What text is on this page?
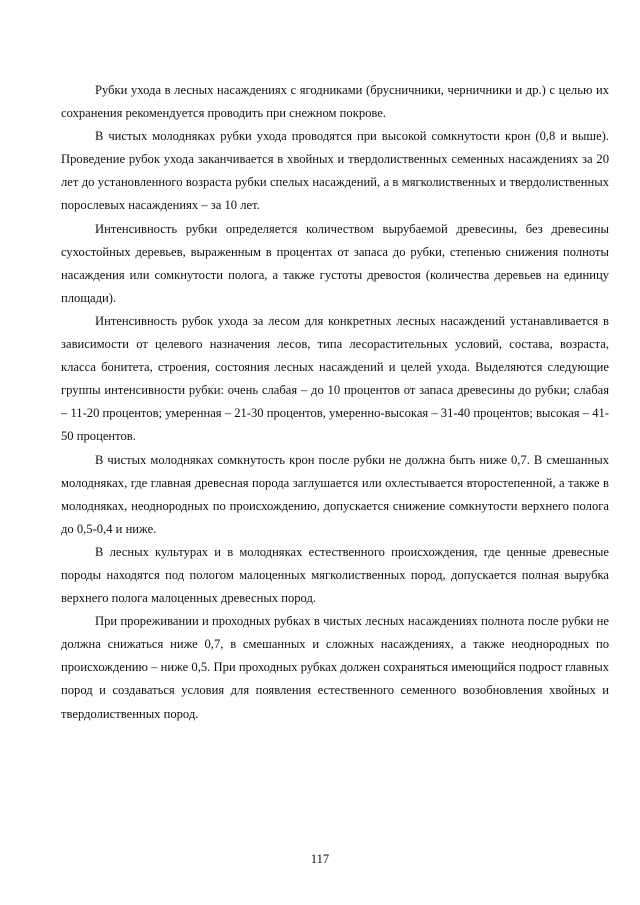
Рубки ухода в лесных насаждениях с ягодниками (брусничники, черничники и др.) с целью их сохранения рекомендуется проводить при снежном покрове.

В чистых молодняках рубки ухода проводятся при высокой сомкнутости крон (0,8 и выше). Проведение рубок ухода заканчивается в хвойных и твердолиственных семенных насаждениях за 20 лет до установленного возраста рубки спелых насаждений, а в мягколиственных и твердолиственных порослевых насаждениях – за 10 лет.

Интенсивность рубки определяется количеством вырубаемой древесины, без древесины сухостойных деревьев, выраженным в процентах от запаса до рубки, степенью снижения полноты насаждения или сомкнутости полога, а также густоты древостоя (количества деревьев на единицу площади).

Интенсивность рубок ухода за лесом для конкретных лесных насаждений устанавливается в зависимости от целевого назначения лесов, типа лесорастительных условий, состава, возраста, класса бонитета, строения, состояния лесных насаждений и целей ухода. Выделяются следующие группы интенсивности рубки: очень слабая – до 10 процентов от запаса древесины до рубки; слабая – 11-20 процентов; умеренная – 21-30 процентов, умеренно-высокая – 31-40 процентов; высокая – 41-50 процентов.

В чистых молодняках сомкнутость крон после рубки не должна быть ниже 0,7. В смешанных молодняках, где главная древесная порода заглушается или охлестывается второстепенной, а также в молодняках, неоднородных по происхождению, допускается снижение сомкнутости верхнего полога до 0,5-0,4 и ниже.

В лесных культурах и в молодняках естественного происхождения, где ценные древесные породы находятся под пологом малоценных мягколиственных пород, допускается полная вырубка верхнего полога малоценных древесных пород.

При прореживании и проходных рубках в чистых лесных насаждениях полнота после рубки не должна снижаться ниже 0,7, в смешанных и сложных насаждениях, а также неоднородных по происхождению – ниже 0,5. При проходных рубках должен сохраняться имеющийся подрост главных пород и создаваться условия для появления естественного семенного возобновления хвойных и твердолиственных пород.

117
